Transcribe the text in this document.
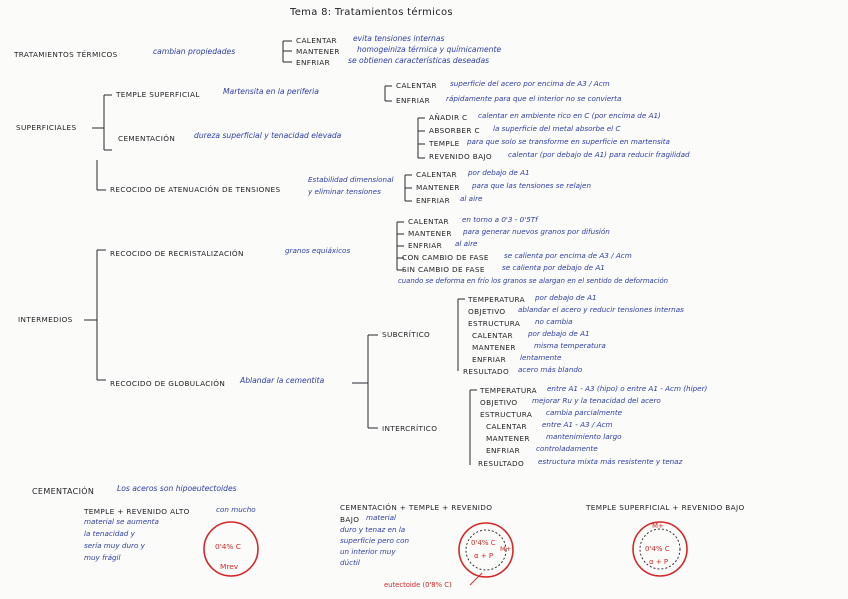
Tema 8: Tratamientos térmicos
TRATAMIENTOS TÉRMICOS	cambian propiedades
CALENTAR evita tensiones internas
MANTENER homogeiniza térmica y químicamente
ENFRIAR se obtienen características deseadas
SUPERFICIALES
TEMPLE SUPERFICIAL	Martensita en la periferia
CALENTAR superficie del acero por encima de A3 / Acm
ENFRIAR rápidamente para que el interior no se convierta
CEMENTACIÓN dureza superficial y tenacidad elevada
AÑADIR C calentar en ambiente rico en C (por encima de A1)
ABSORBER C la superficie del metal absorbe el C
TEMPLE para que solo se transforme en superficie en martensita
REVENIDO BAJO calentar (por debajo de A1) para reducir fragilidad
RECOCIDO DE ATENUACIÓN DE TENSIONES
Estabilidad dimensional
y eliminar tensiones
CALENTAR por debajo de A1
MANTENER para que las tensiones se relajen
ENFRIAR al aire
INTERMEDIOS
RECOCIDO DE RECRISTALIZACIÓN	granos equiáxicos
CALENTAR en torno a 0'3 - 0'5Tf
MANTENER para generar nuevos granos por difusión
ENFRIAR al aire
CON CAMBIO DE FASE se calienta por encima de A3 / Acm
SIN CAMBIO DE FASE se calienta por debajo de A1
cuando se deforma en frío los granos se alargan en el sentido de deformación
RECOCIDO DE GLOBULACIÓN Ablandar la cementita
SUBCRÍTICO
TEMPERATURA por debajo de A1
OBJETIVO ablandar el acero y reducir tensiones internas
ESTRUCTURA no cambia
CALENTAR por debajo de A1
MANTENER	misma temperatura
ENFRIAR lentamente
RESULTADO acero más blando
INTERCRÍTICO
TEMPERATURA entre A1 - A3 (hipo) o entre A1 - Acm (hiper)
OBJETIVO mejorar Ru y la tenacidad del acero
ESTRUCTURA cambia parcialmente
CALENTAR entre A1 - A3 / Acm
MANTENER mantenimiento largo
ENFRIAR controladamente
RESULTADO estructura mixta más resistente y tenaz
CEMENTACIÓN	Los aceros son hipoeutectoides
TEMPLE + REVENIDO ALTO	con mucho
material se aumenta
la tenacidad y
sería muy duro y
muy frágil
0'4% C
Mrev
CEMENTACIÓN + TEMPLE + REVENIDO
BAJO material
duro y tenaz en la
superficie pero con
un interior muy
dúctil
0'4% C
α + P
M+
eutectoide (0'8% C)
TEMPLE SUPERFICIAL + REVENIDO BAJO
M+
0'4% C
α + P
